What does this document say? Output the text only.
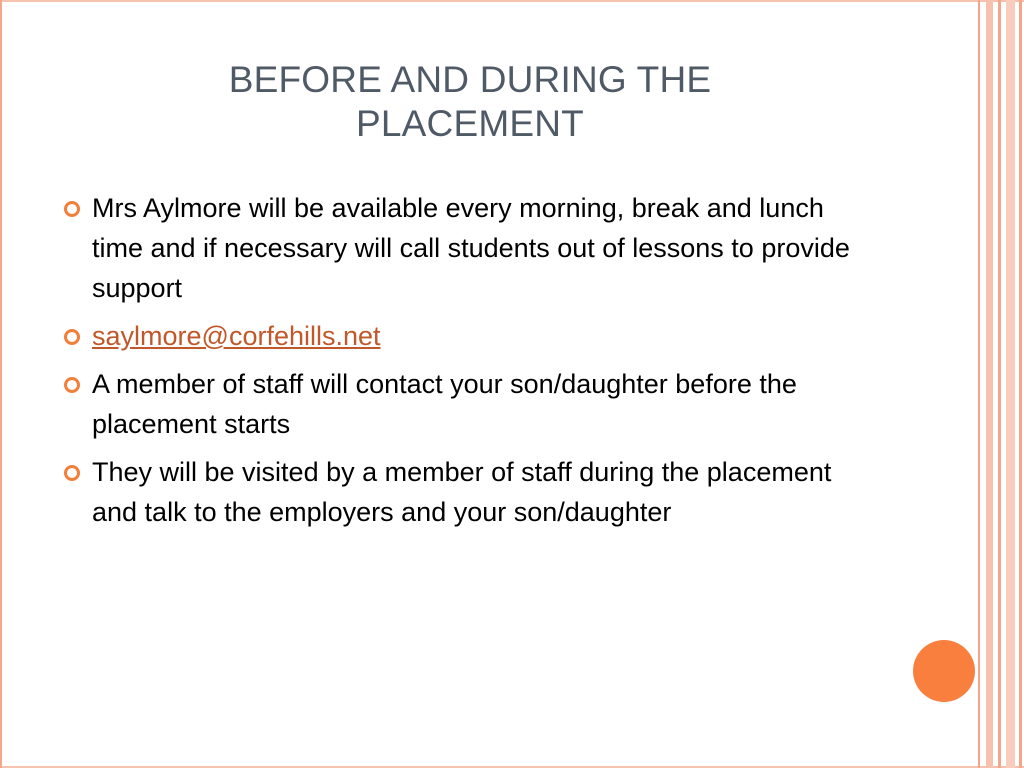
BEFORE AND DURING THE
PLACEMENT
Mrs Aylmore will be available every morning, break and lunch time and if necessary will call students out of lessons to provide support
saylmore@corfehills.net
A member of staff will contact your son/daughter before the placement starts
They will be visited by a member of staff during the placement and talk to the employers and your son/daughter
